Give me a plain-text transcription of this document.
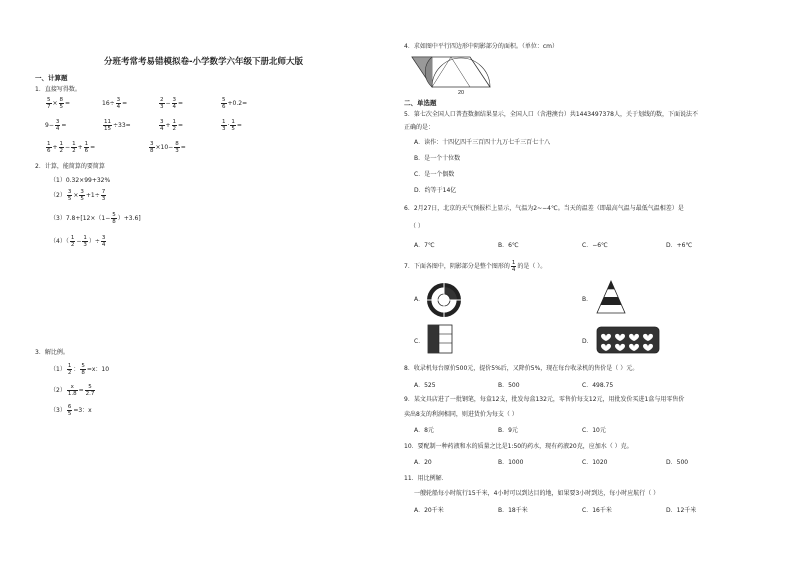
分班考常考易错模拟卷-小学数学六年级下册北师大版
一、计算题
1．直接写得数。
$\frac{5}{7} \times \frac{8}{5}$ =	$16\div \frac{3}{4}$ =	$\frac{2}{3} - \frac{3}{4}$ =	$\frac{5}{6} +0.2=$
$9- \frac{3}{4}$ =	$\frac{11}{15} \div 33=$	$\frac{3}{4} + \frac{1}{2}$ =	$\frac{1}{3} \cdot \frac{1}{5}$ =
$\frac{1}{6} + \frac{1}{2} - \frac{1}{2} + \frac{1}{6}$ =	$\frac{3}{8} \times 10- \frac{8}{3}$ =
2．计算，能简算的要简算
（1）0.32×99+32%
$(2) \frac{3}{5} \times \frac{3}{5} +1\div \frac{7}{3}$
$(3)7.8+[12\times(1- \frac{5}{8} )+3.6]$
$(4)( \frac{1}{2} - \frac{1}{3}$ ）÷ $\frac{3}{4}$
3．解比例。
$(1) \frac{1}{2}$ ： $\frac{5}{8} =x$：10
$(2) \frac{x}{1.8} = \frac{5}{2.7}$
$(3) \frac{6}{5} =3$：x
4．求如图中平行四边形中阴影部分的面积。（单位：cm）
20
二、单选题
5．第七次全国人口普查数据结果显示，全国人口（含港澳台）共1443497378人，关于划线的数，下面说法不
正确的是：
A．读作：十四亿四千三百四十九万七千三百七十八
B．是一个十位数
C．是一个偶数
D．约等于14亿
6．2月27日，北京的天气预报栏上显示，气温为2~−4℃。当天的温差（即最高气温与最低气温相差）是
（ ）
A．7℃	B．6℃	C．−6℃	D．+6℃
7．下面各图中，阴影部分是整个图形的 $\frac{1}{4}$ 的是（ ）。
A．	B．
C．	D．
8．收录机每台原价500元，提价5%后，又降价5%，现在每台收录机的售价是（ ）元。
A．525	B．500	C．498.75
9．某文具店进了一批钢笔，每盒12支，批发每盒132元，零售价每支12元，用批发价买进1盒与用零售价
卖出8支的利润相同，则进货价为每支（ ）
A．8元	B．9元	C．10元
10．要配制一种药液和水的质量之比是1:50的药水，现有药液20克，应加水（ ）克。
A．20	B．1000	C．1020	D．500
11．用比例解．
一艘轮船每小时航行15千米，4小时可以到达目的地，如果要3小时到达，每小时应航行（ ）
A．20千米	B．18千米	C．16千米	D．12千米
